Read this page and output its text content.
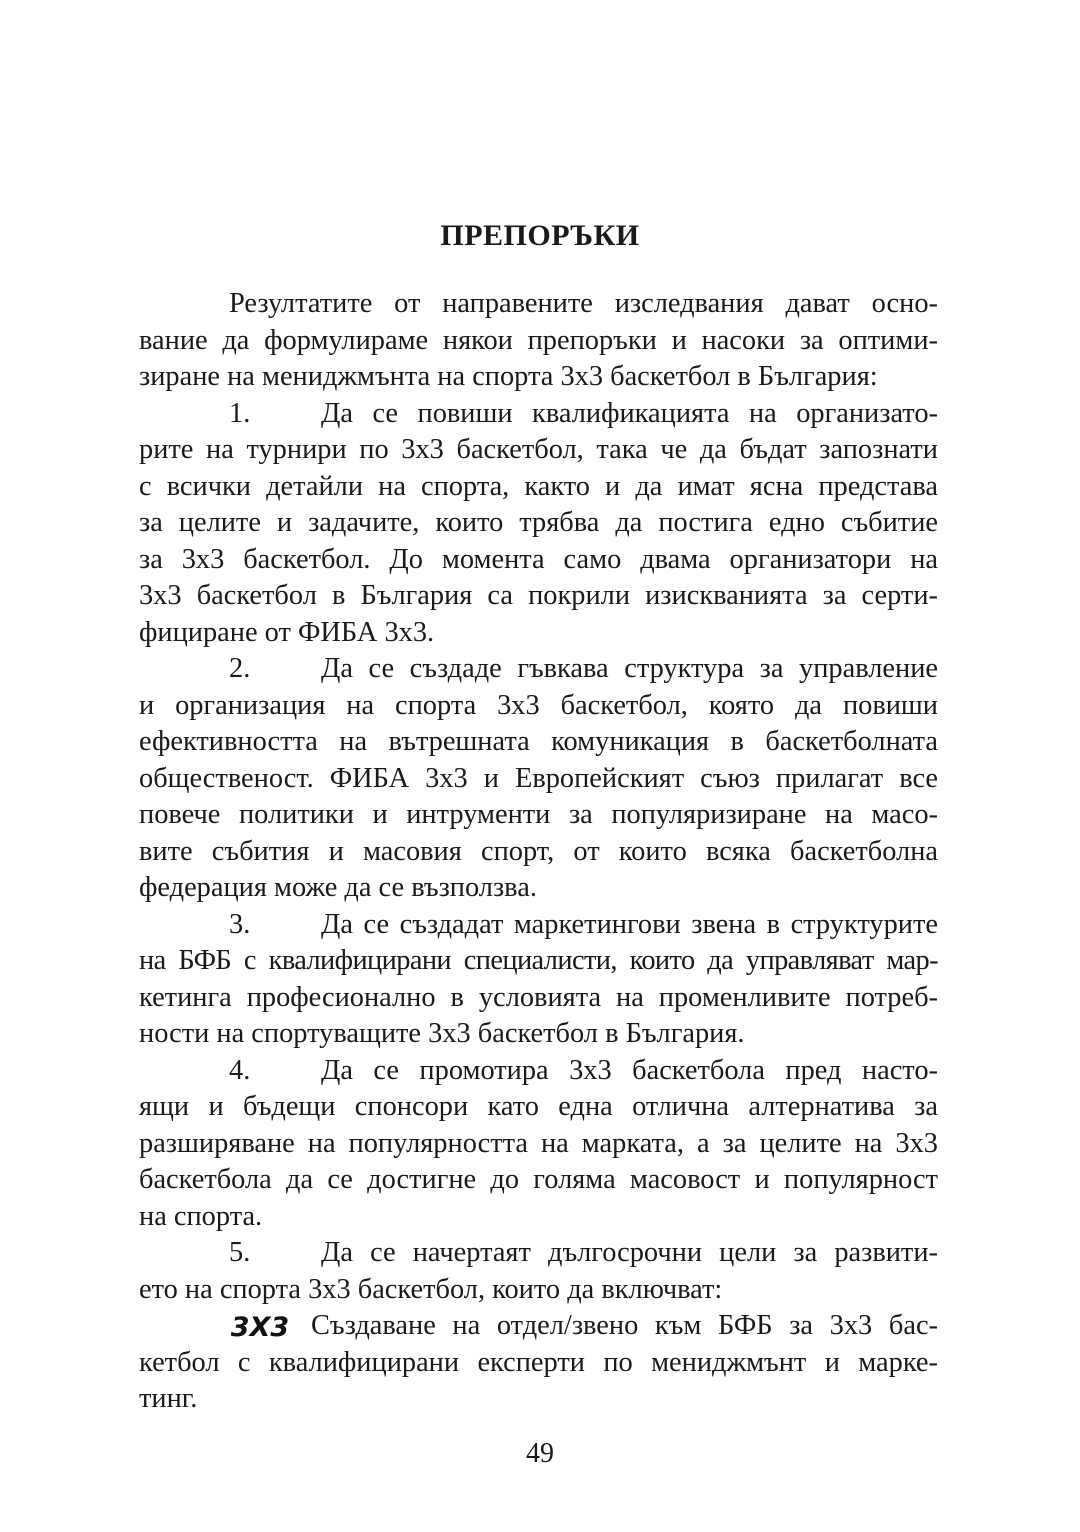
ПРЕПОРЪКИ
Резултатите от направените изследвания дават осно-
вание да формулираме някои препоръки и насоки за оптими-
зиране на мениджмънта на спорта 3х3 баскетбол в България:
1.	Да се повиши квалификацията на организато-
рите на турнири по 3х3 баскетбол, така че да бъдат запознати
с всички детайли на спорта, както и да имат ясна представа
за целите и задачите, които трябва да постига едно събитие
за 3х3 баскетбол. До момента само двама организатори на
3х3 баскетбол в България са покрили изискванията за серти-
фициране от ФИБА 3х3.
2.	Да се създаде гъвкава структура за управление
и организация на спорта 3х3 баскетбол, която да повиши
ефективността на вътрешната комуникация в баскетболната
общественост. ФИБА 3х3 и Европейският съюз прилагат все
повече политики и интрументи за популяризиране на масо-
вите събития и масовия спорт, от които всяка баскетболна
федерация може да се възползва.
3.	Да се създадат маркетингови звена в структурите
на БФБ с квалифицирани специалисти, които да управляват мар-
кетинга професионално в условията на променливите потреб-
ности на спортуващите 3х3 баскетбол в България.
4.	Да се промотира 3х3 баскетбола пред насто-
ящи и бъдещи спонсори като една отлична алтернатива за
разширяване на популярността на марката, а за целите на 3х3
баскетбола да се достигне до голяма масовост и популярност
на спорта.
5.	Да се начертаят дългосрочни цели за развити-
ето на спорта 3х3 баскетбол, които да включват:
3X3 Създаване на отдел/звено към БФБ за 3х3 бас-
кетбол с квалифицирани експерти по мениджмънт и марке-
тинг.
49
